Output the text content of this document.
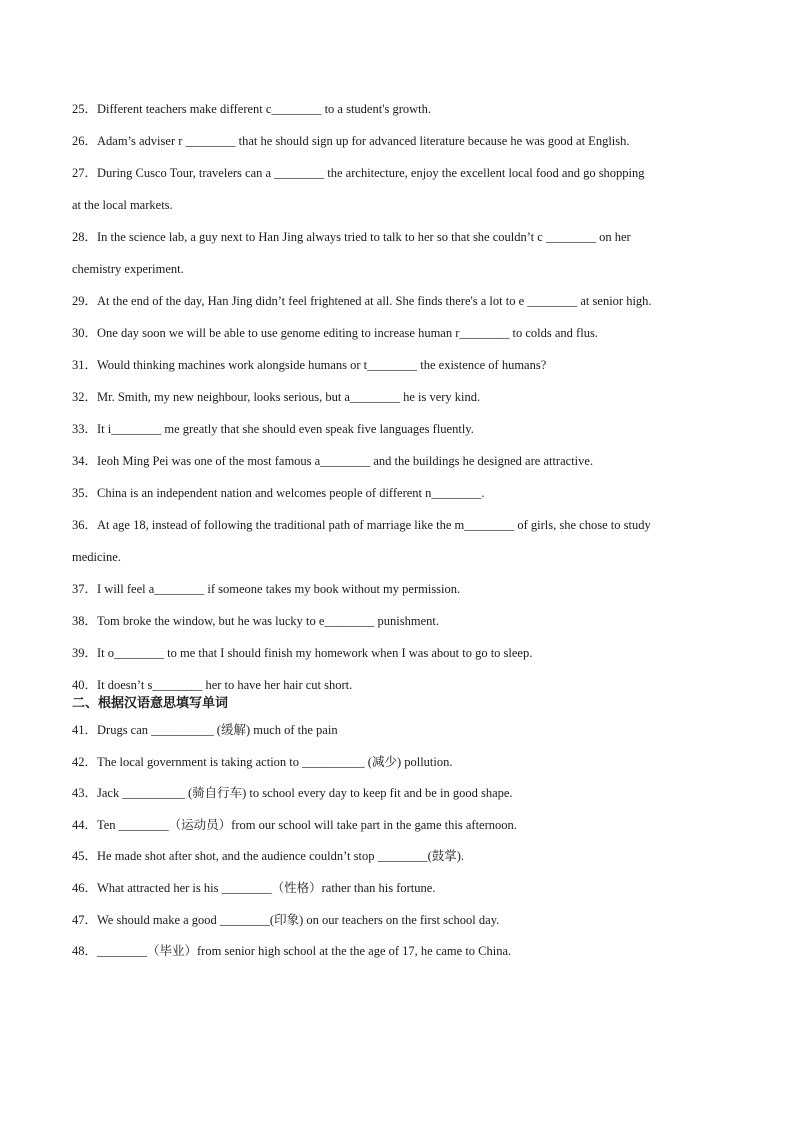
25．Different teachers make different c________ to a student's growth.
26．Adam’s adviser r ________ that he should sign up for advanced literature because he was good at English.
27．During Cusco Tour, travelers can a ________ the architecture, enjoy the excellent local food and go shopping
at the local markets.
28．In the science lab, a guy next to Han Jing always tried to talk to her so that she couldn’t c ________ on her
chemistry experiment.
29．At the end of the day, Han Jing didn’t feel frightened at all. She finds there's a lot to e ________ at senior high.
30．One day soon we will be able to use genome editing to increase human r________ to colds and flus.
31．Would thinking machines work alongside humans or t________ the existence of humans?
32．Mr. Smith, my new neighbour, looks serious, but a________ he is very kind.
33．It i________ me greatly that she should even speak five languages fluently.
34．Ieoh Ming Pei was one of the most famous a________ and the buildings he designed are attractive.
35．China is an independent nation and welcomes people of different n________.
36．At age 18, instead of following the traditional path of marriage like the m________ of girls, she chose to study
medicine.
37．I will feel a________ if someone takes my book without my permission.
38．Tom broke the window, but he was lucky to e________ punishment.
39．It o________ to me that I should finish my homework when I was about to go to sleep.
40．It doesn’t s________ her to have her hair cut short.
二、根据汉语意思填写单词
41．Drugs can __________ (缓解) much of the pain
42．The local government is taking action to __________ (减少) pollution.
43．Jack __________ (骑自行车) to school every day to keep fit and be in good shape.
44．Ten ________（运动员）from our school will take part in the game this afternoon.
45．He made shot after shot, and the audience couldn’t stop ________(鼓掌).
46．What attracted her is his ________（性格）rather than his fortune.
47．We should make a good ________(印象) on our teachers on the first school day.
48．________（毕业）from senior high school at the the age of 17, he came to China.
